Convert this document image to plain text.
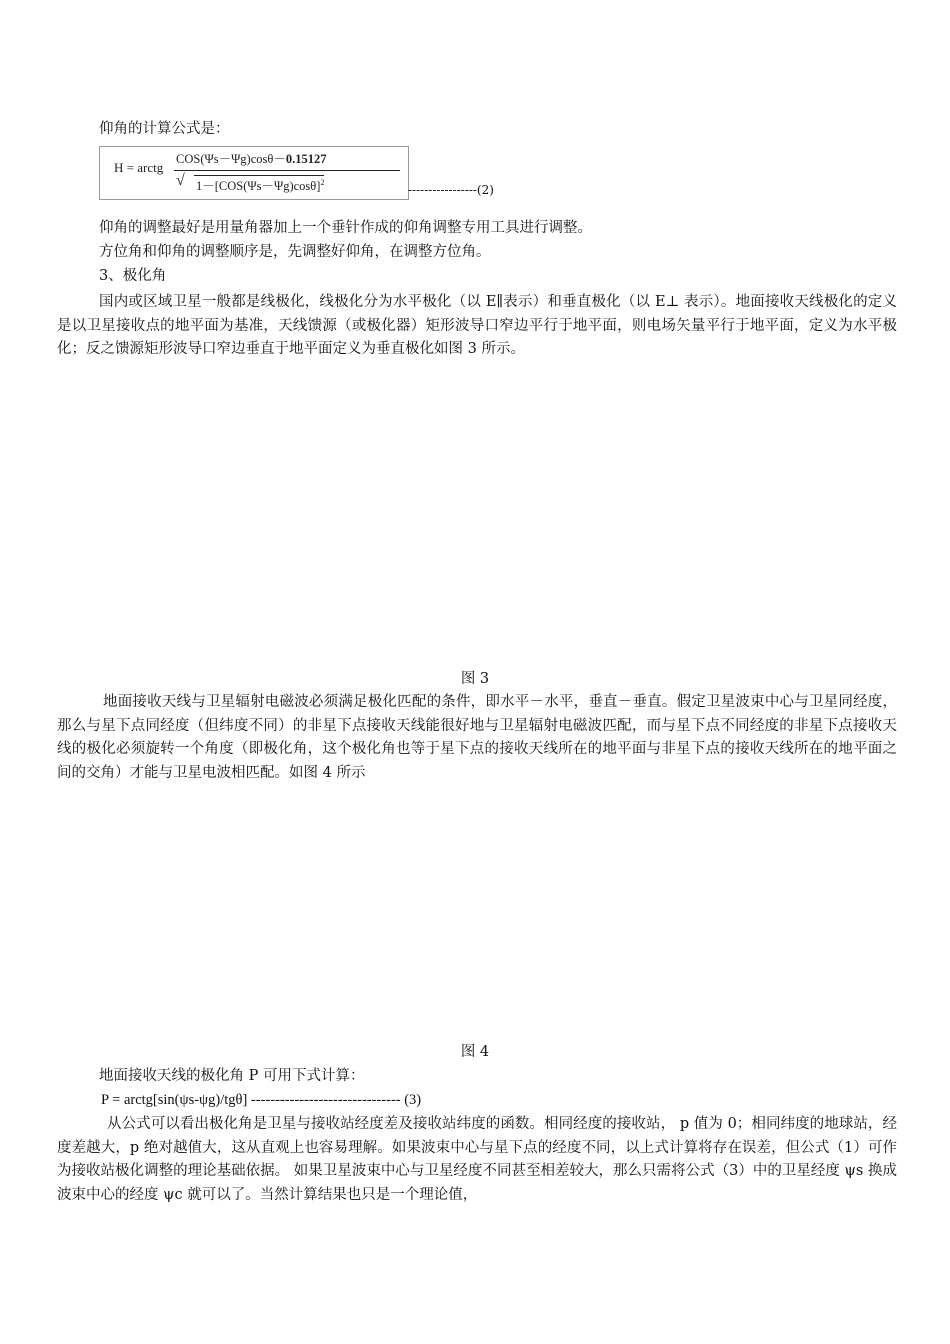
仰角的计算公式是：
H = arctg
COS(Ψs－Ψg)cosθ－0.15127
√ $1-[COS(\Psi s-\Psi g)\cos\theta]^2$
-----------------(2)
仰角的调整最好是用量角器加上一个垂针作成的仰角调整专用工具进行调整。
方位角和仰角的调整顺序是，先调整好仰角，在调整方位角。
3、极化角
国内或区域卫星一般都是线极化，线极化分为水平极化（以 E∥表示）和垂直极化（以 E⊥ 表示）。地面接收天线极化的定义是以卫星接收点的地平面为基准，天线馈源（或极化器）矩形波导口窄边平行于地平面，则电场矢量平行于地平面，定义为水平极化；反之馈源矩形波导口窄边垂直于地平面定义为垂直极化如图 3 所示。
图 3
地面接收天线与卫星辐射电磁波必须满足极化匹配的条件，即水平－水平，垂直－垂直。假定卫星波束中心与卫星同经度，那么与星下点同经度（但纬度不同）的非星下点接收天线能很好地与卫星辐射电磁波匹配，而与星下点不同经度的非星下点接收天线的极化必须旋转一个角度（即极化角，这个极化角也等于星下点的接收天线所在的地平面与非星下点的接收天线所在的地平面之间的交角）才能与卫星电波相匹配。如图 4 所示
图 4
地面接收天线的极化角 P 可用下式计算：
P = arctg[sin(ψs-ψg)/tgθ] ------------------------------- (3)
从公式可以看出极化角是卫星与接收站经度差及接收站纬度的函数。相同经度的接收站， p 值为 0；相同纬度的地球站，经度差越大，p 绝对越值大，这从直观上也容易理解。如果波束中心与星下点的经度不同，以上式计算将存在误差，但公式（1）可作为接收站极化调整的理论基础依据。 如果卫星波束中心与卫星经度不同甚至相差较大，那么只需将公式（3）中的卫星经度 ψs 换成波束中心的经度 ψc 就可以了。当然计算结果也只是一个理论值，
